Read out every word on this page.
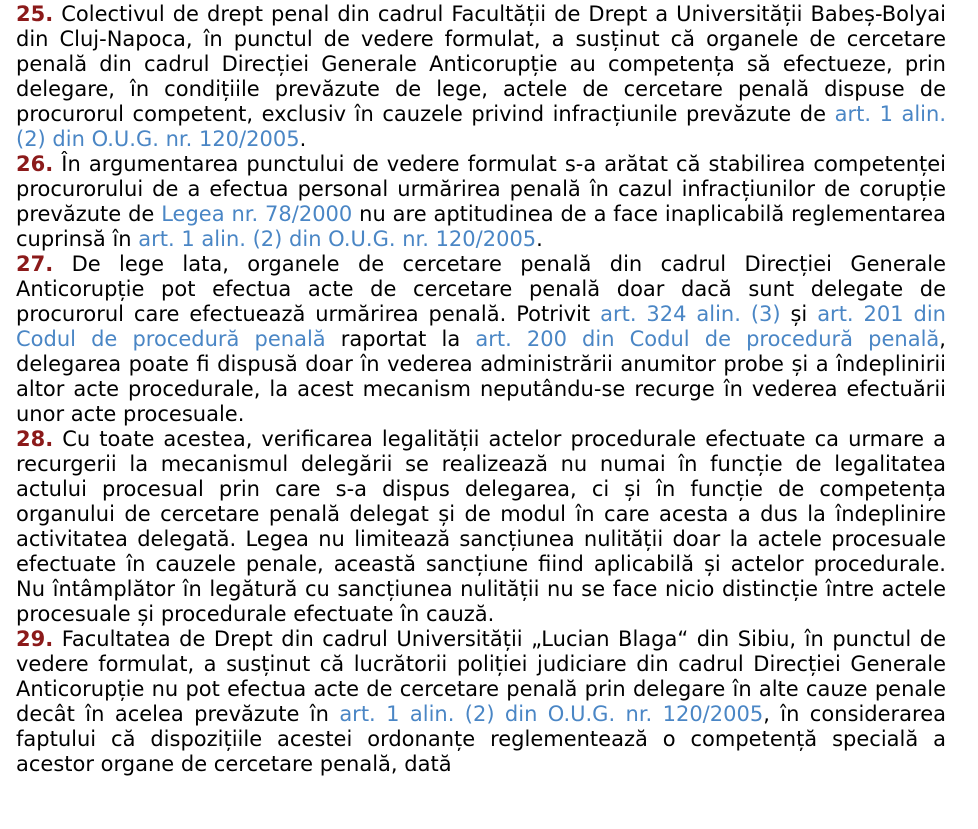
25. Colectivul de drept penal din cadrul Facultății de Drept a Universității Babeș-Bolyai din Cluj-Napoca, în punctul de vedere formulat, a susținut că organele de cercetare penală din cadrul Direcției Generale Anticorupție au competența să efectueze, prin delegare, în condițiile prevăzute de lege, actele de cercetare penală dispuse de procurorul competent, exclusiv în cauzele privind infracțiunile prevăzute de art. 1 alin. (2) din O.U.G. nr. 120/2005.

26. În argumentarea punctului de vedere formulat s-a arătat că stabilirea competenței procurorului de a efectua personal urmărirea penală în cazul infracțiunilor de corupție prevăzute de Legea nr. 78/2000 nu are aptitudinea de a face inaplicabilă reglementarea cuprinsă în art. 1 alin. (2) din O.U.G. nr. 120/2005.

27. De lege lata, organele de cercetare penală din cadrul Direcției Generale Anticorupție pot efectua acte de cercetare penală doar dacă sunt delegate de procurorul care efectuează urmărirea penală. Potrivit art. 324 alin. (3) și art. 201 din Codul de procedură penală raportat la art. 200 din Codul de procedură penală, delegarea poate fi dispusă doar în vederea administrării anumitor probe și a îndeplinirii altor acte procedurale, la acest mecanism neputându-se recurge în vederea efectuării unor acte procesuale.

28. Cu toate acestea, verificarea legalității actelor procedurale efectuate ca urmare a recurgerii la mecanismul delegării se realizează nu numai în funcție de legalitatea actului procesual prin care s-a dispus delegarea, ci și în funcție de competența organului de cercetare penală delegat și de modul în care acesta a dus la îndeplinire activitatea delegată. Legea nu limitează sancțiunea nulității doar la actele procesuale efectuate în cauzele penale, această sancțiune fiind aplicabilă și actelor procedurale. Nu întâmplător în legătură cu sancțiunea nulității nu se face nicio distincție între actele procesuale și procedurale efectuate în cauză.

29. Facultatea de Drept din cadrul Universității „Lucian Blaga“ din Sibiu, în punctul de vedere formulat, a susținut că lucrătorii poliției judiciare din cadrul Direcției Generale Anticorupție nu pot efectua acte de cercetare penală prin delegare în alte cauze penale decât în acelea prevăzute în art. 1 alin. (2) din O.U.G. nr. 120/2005, în considerarea faptului că dispozițiile acestei ordonanțe reglementează o competență specială a acestor organe de cercetare penală, dată
